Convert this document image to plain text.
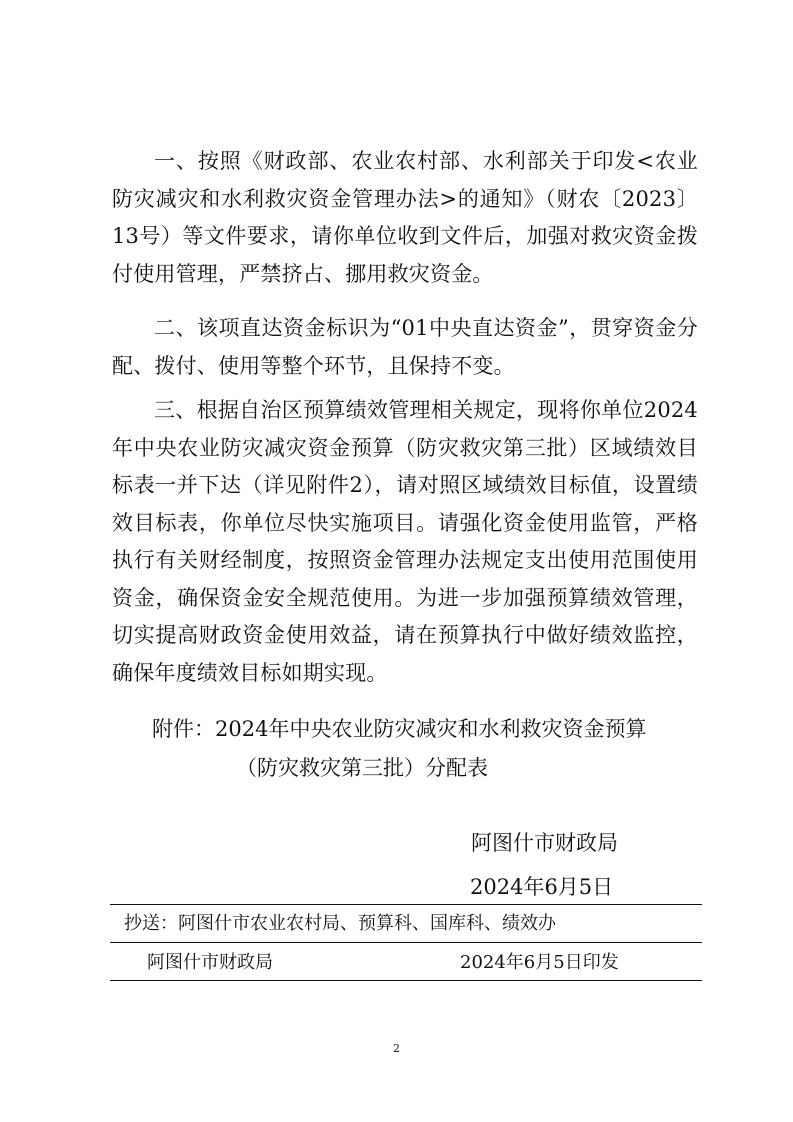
一、按照《财政部、农业农村部、水利部关于印发<农业防灾减灾和水利救灾资金管理办法>的通知》（财农〔2023〕13号）等文件要求，请你单位收到文件后，加强对救灾资金拨付使用管理，严禁挤占、挪用救灾资金。

二、该项直达资金标识为“01中央直达资金”，贯穿资金分配、拨付、使用等整个环节，且保持不变。

三、根据自治区预算绩效管理相关规定，现将你单位2024年中央农业防灾减灾资金预算（防灾救灾第三批）区域绩效目标表一并下达（详见附件2），请对照区域绩效目标值，设置绩效目标表，你单位尽快实施项目。请强化资金使用监管，严格执行有关财经制度，按照资金管理办法规定支出使用范围使用资金，确保资金安全规范使用。为进一步加强预算绩效管理，切实提高财政资金使用效益，请在预算执行中做好绩效监控，确保年度绩效目标如期实现。

附件：2024年中央农业防灾减灾和水利救灾资金预算

（防灾救灾第三批）分配表

阿图什市财政局
2024年6月5日
抄送：阿图什市农业农村局、预算科、国库科、绩效办
阿图什市财政局	2024年6月5日印发
2
